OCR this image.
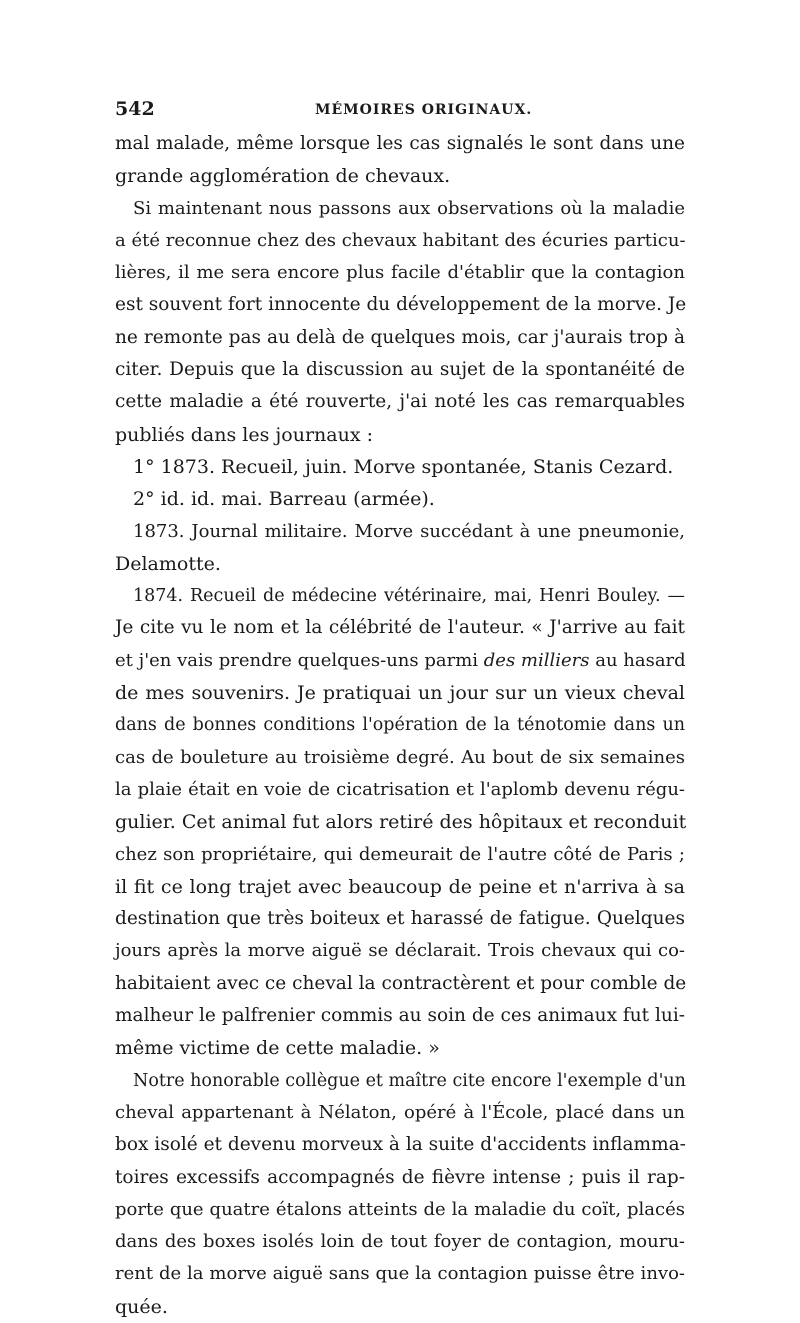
542	MÉMOIRES ORIGINAUX.
mal malade, même lorsque les cas signalés le sont dans une
grande agglomération de chevaux.
Si maintenant nous passons aux observations où la maladie
a été reconnue chez des chevaux habitant des écuries particu-
lières, il me sera encore plus facile d'établir que la contagion
est souvent fort innocente du développement de la morve. Je
ne remonte pas au delà de quelques mois, car j'aurais trop à
citer. Depuis que la discussion au sujet de la spontanéité de
cette maladie a été rouverte, j'ai noté les cas remarquables
publiés dans les journaux :
1° 1873. Recueil, juin. Morve spontanée, Stanis Cezard.
2° id. id. mai. Barreau (armée).
1873. Journal militaire. Morve succédant à une pneumonie,
Delamotte.
1874. Recueil de médecine vétérinaire, mai, Henri Bouley. —
Je cite vu le nom et la célébrité de l'auteur. « J'arrive au fait
et j'en vais prendre quelques-uns parmi des milliers au hasard
de mes souvenirs. Je pratiquai un jour sur un vieux cheval
dans de bonnes conditions l'opération de la ténotomie dans un
cas de bouleture au troisième degré. Au bout de six semaines
la plaie était en voie de cicatrisation et l'aplomb devenu régu-
gulier. Cet animal fut alors retiré des hôpitaux et reconduit
chez son propriétaire, qui demeurait de l'autre côté de Paris ;
il fit ce long trajet avec beaucoup de peine et n'arriva à sa
destination que très boiteux et harassé de fatigue. Quelques
jours après la morve aiguë se déclarait. Trois chevaux qui co-
habitaient avec ce cheval la contractèrent et pour comble de
malheur le palfrenier commis au soin de ces animaux fut lui-
même victime de cette maladie. »
Notre honorable collègue et maître cite encore l'exemple d'un
cheval appartenant à Nélaton, opéré à l'École, placé dans un
box isolé et devenu morveux à la suite d'accidents inflamma-
toires excessifs accompagnés de fièvre intense ; puis il rap-
porte que quatre étalons atteints de la maladie du coït, placés
dans des boxes isolés loin de tout foyer de contagion, mouru-
rent de la morve aiguë sans que la contagion puisse être invo-
quée.
